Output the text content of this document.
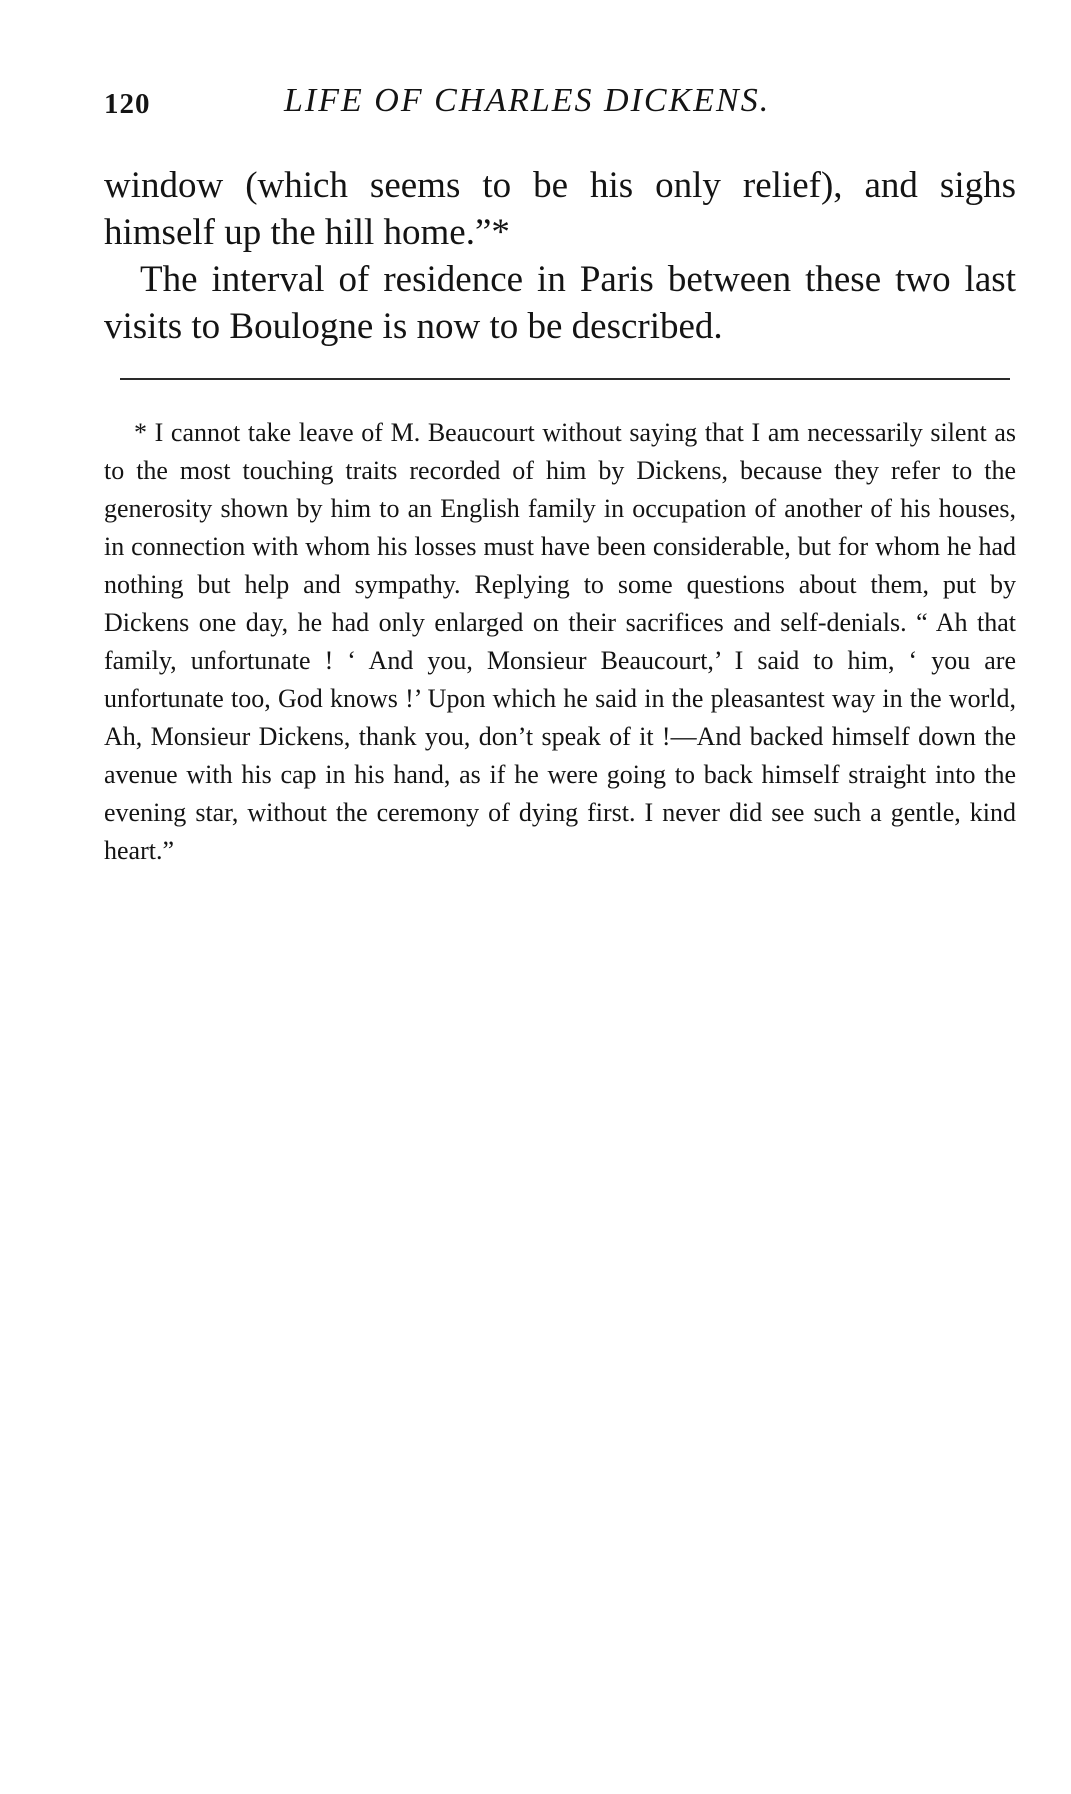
120	LIFE OF CHARLES DICKENS.

window (which seems to be his only relief), and sighs himself up the hill home.”*

The interval of residence in Paris between these two last visits to Boulogne is now to be described.

* I cannot take leave of M. Beaucourt without saying that I am necessarily silent as to the most touching traits recorded of him by Dickens, because they refer to the generosity shown by him to an English family in occupation of another of his houses, in connection with whom his losses must have been considerable, but for whom he had nothing but help and sympathy. Replying to some questions about them, put by Dickens one day, he had only enlarged on their sacrifices and self-denials. “ Ah that family, unfortunate ! ‘ And you, Monsieur Beaucourt,’ I said to him, ‘ you are unfortunate too, God knows !’ Upon which he said in the pleasantest way in the world, Ah, Monsieur Dickens, thank you, don’t speak of it !—And backed himself down the avenue with his cap in his hand, as if he were going to back himself straight into the evening star, without the ceremony of dying first. I never did see such a gentle, kind heart.”
